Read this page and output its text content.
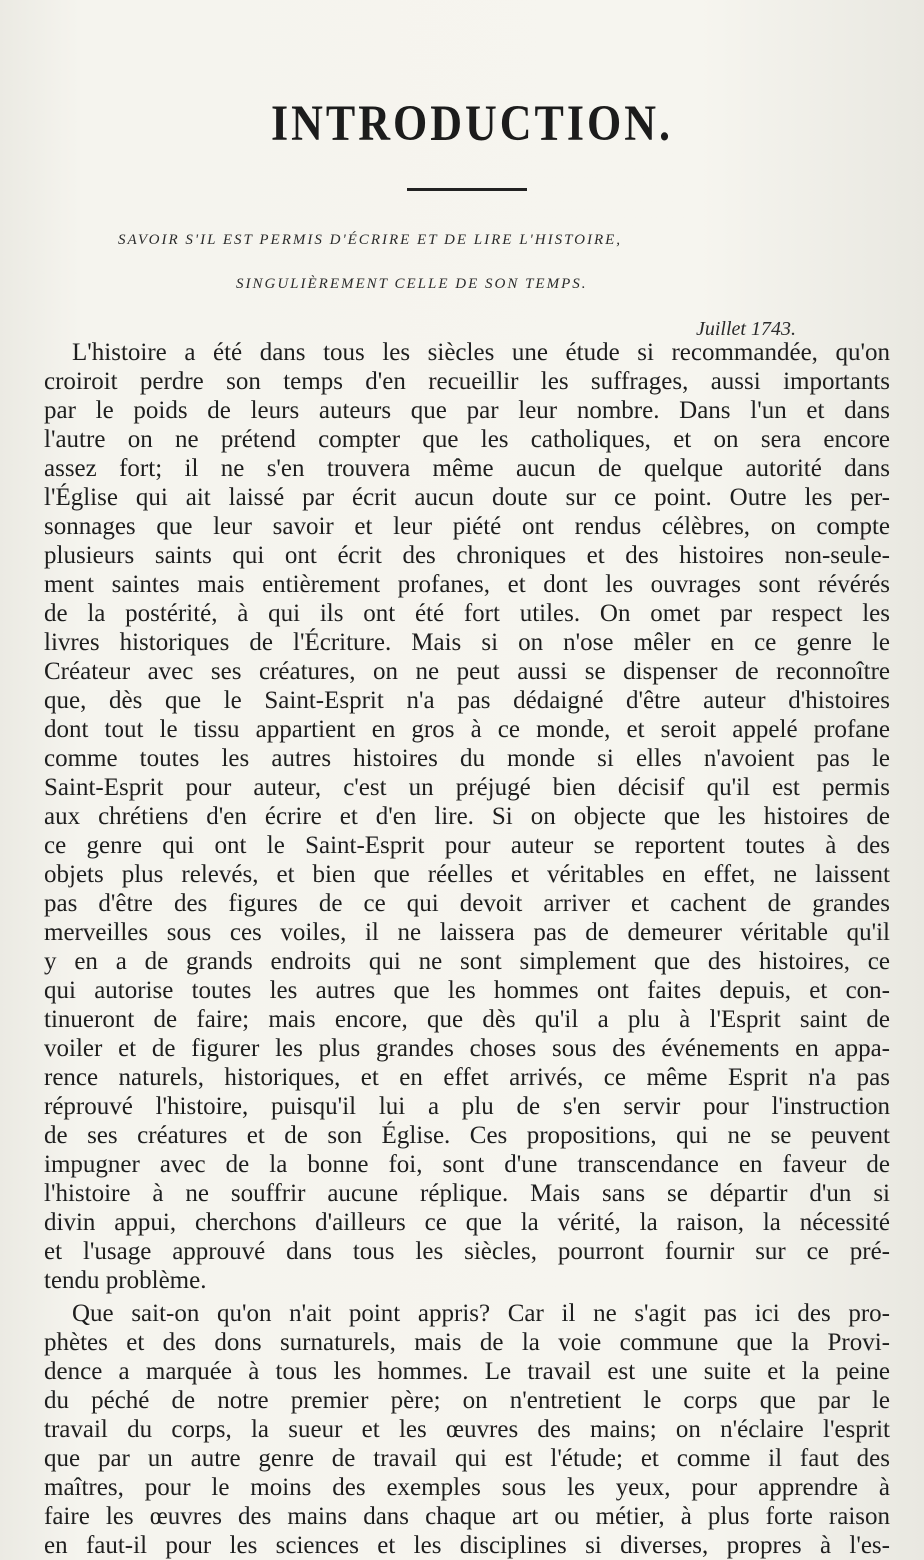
INTRODUCTION.
SAVOIR S'IL EST PERMIS D'ÉCRIRE ET DE LIRE L'HISTOIRE,
SINGULIÈREMENT CELLE DE SON TEMPS.
Juillet 1743.
L'histoire a été dans tous les siècles une étude si recommandée, qu'on
croiroit perdre son temps d'en recueillir les suffrages, aussi importants
par le poids de leurs auteurs que par leur nombre. Dans l'un et dans
l'autre on ne prétend compter que les catholiques, et on sera encore
assez fort; il ne s'en trouvera même aucun de quelque autorité dans
l'Église qui ait laissé par écrit aucun doute sur ce point. Outre les per-
sonnages que leur savoir et leur piété ont rendus célèbres, on compte
plusieurs saints qui ont écrit des chroniques et des histoires non-seule-
ment saintes mais entièrement profanes, et dont les ouvrages sont révérés
de la postérité, à qui ils ont été fort utiles. On omet par respect les
livres historiques de l'Écriture. Mais si on n'ose mêler en ce genre le
Créateur avec ses créatures, on ne peut aussi se dispenser de reconnoître
que, dès que le Saint-Esprit n'a pas dédaigné d'être auteur d'histoires
dont tout le tissu appartient en gros à ce monde, et seroit appelé profane
comme toutes les autres histoires du monde si elles n'avoient pas le
Saint-Esprit pour auteur, c'est un préjugé bien décisif qu'il est permis
aux chrétiens d'en écrire et d'en lire. Si on objecte que les histoires de
ce genre qui ont le Saint-Esprit pour auteur se reportent toutes à des
objets plus relevés, et bien que réelles et véritables en effet, ne laissent
pas d'être des figures de ce qui devoit arriver et cachent de grandes
merveilles sous ces voiles, il ne laissera pas de demeurer véritable qu'il
y en a de grands endroits qui ne sont simplement que des histoires, ce
qui autorise toutes les autres que les hommes ont faites depuis, et con-
tinueront de faire; mais encore, que dès qu'il a plu à l'Esprit saint de
voiler et de figurer les plus grandes choses sous des événements en appa-
rence naturels, historiques, et en effet arrivés, ce même Esprit n'a pas
réprouvé l'histoire, puisqu'il lui a plu de s'en servir pour l'instruction
de ses créatures et de son Église. Ces propositions, qui ne se peuvent
impugner avec de la bonne foi, sont d'une transcendance en faveur de
l'histoire à ne souffrir aucune réplique. Mais sans se départir d'un si
divin appui, cherchons d'ailleurs ce que la vérité, la raison, la nécessité
et l'usage approuvé dans tous les siècles, pourront fournir sur ce pré-
tendu problème.
Que sait-on qu'on n'ait point appris? Car il ne s'agit pas ici des pro-
phètes et des dons surnaturels, mais de la voie commune que la Provi-
dence a marquée à tous les hommes. Le travail est une suite et la peine
du péché de notre premier père; on n'entretient le corps que par le
travail du corps, la sueur et les œuvres des mains; on n'éclaire l'esprit
que par un autre genre de travail qui est l'étude; et comme il faut des
maîtres, pour le moins des exemples sous les yeux, pour apprendre à
faire les œuvres des mains dans chaque art ou métier, à plus forte raison
en faut-il pour les sciences et les disciplines si diverses, propres à l'es-
